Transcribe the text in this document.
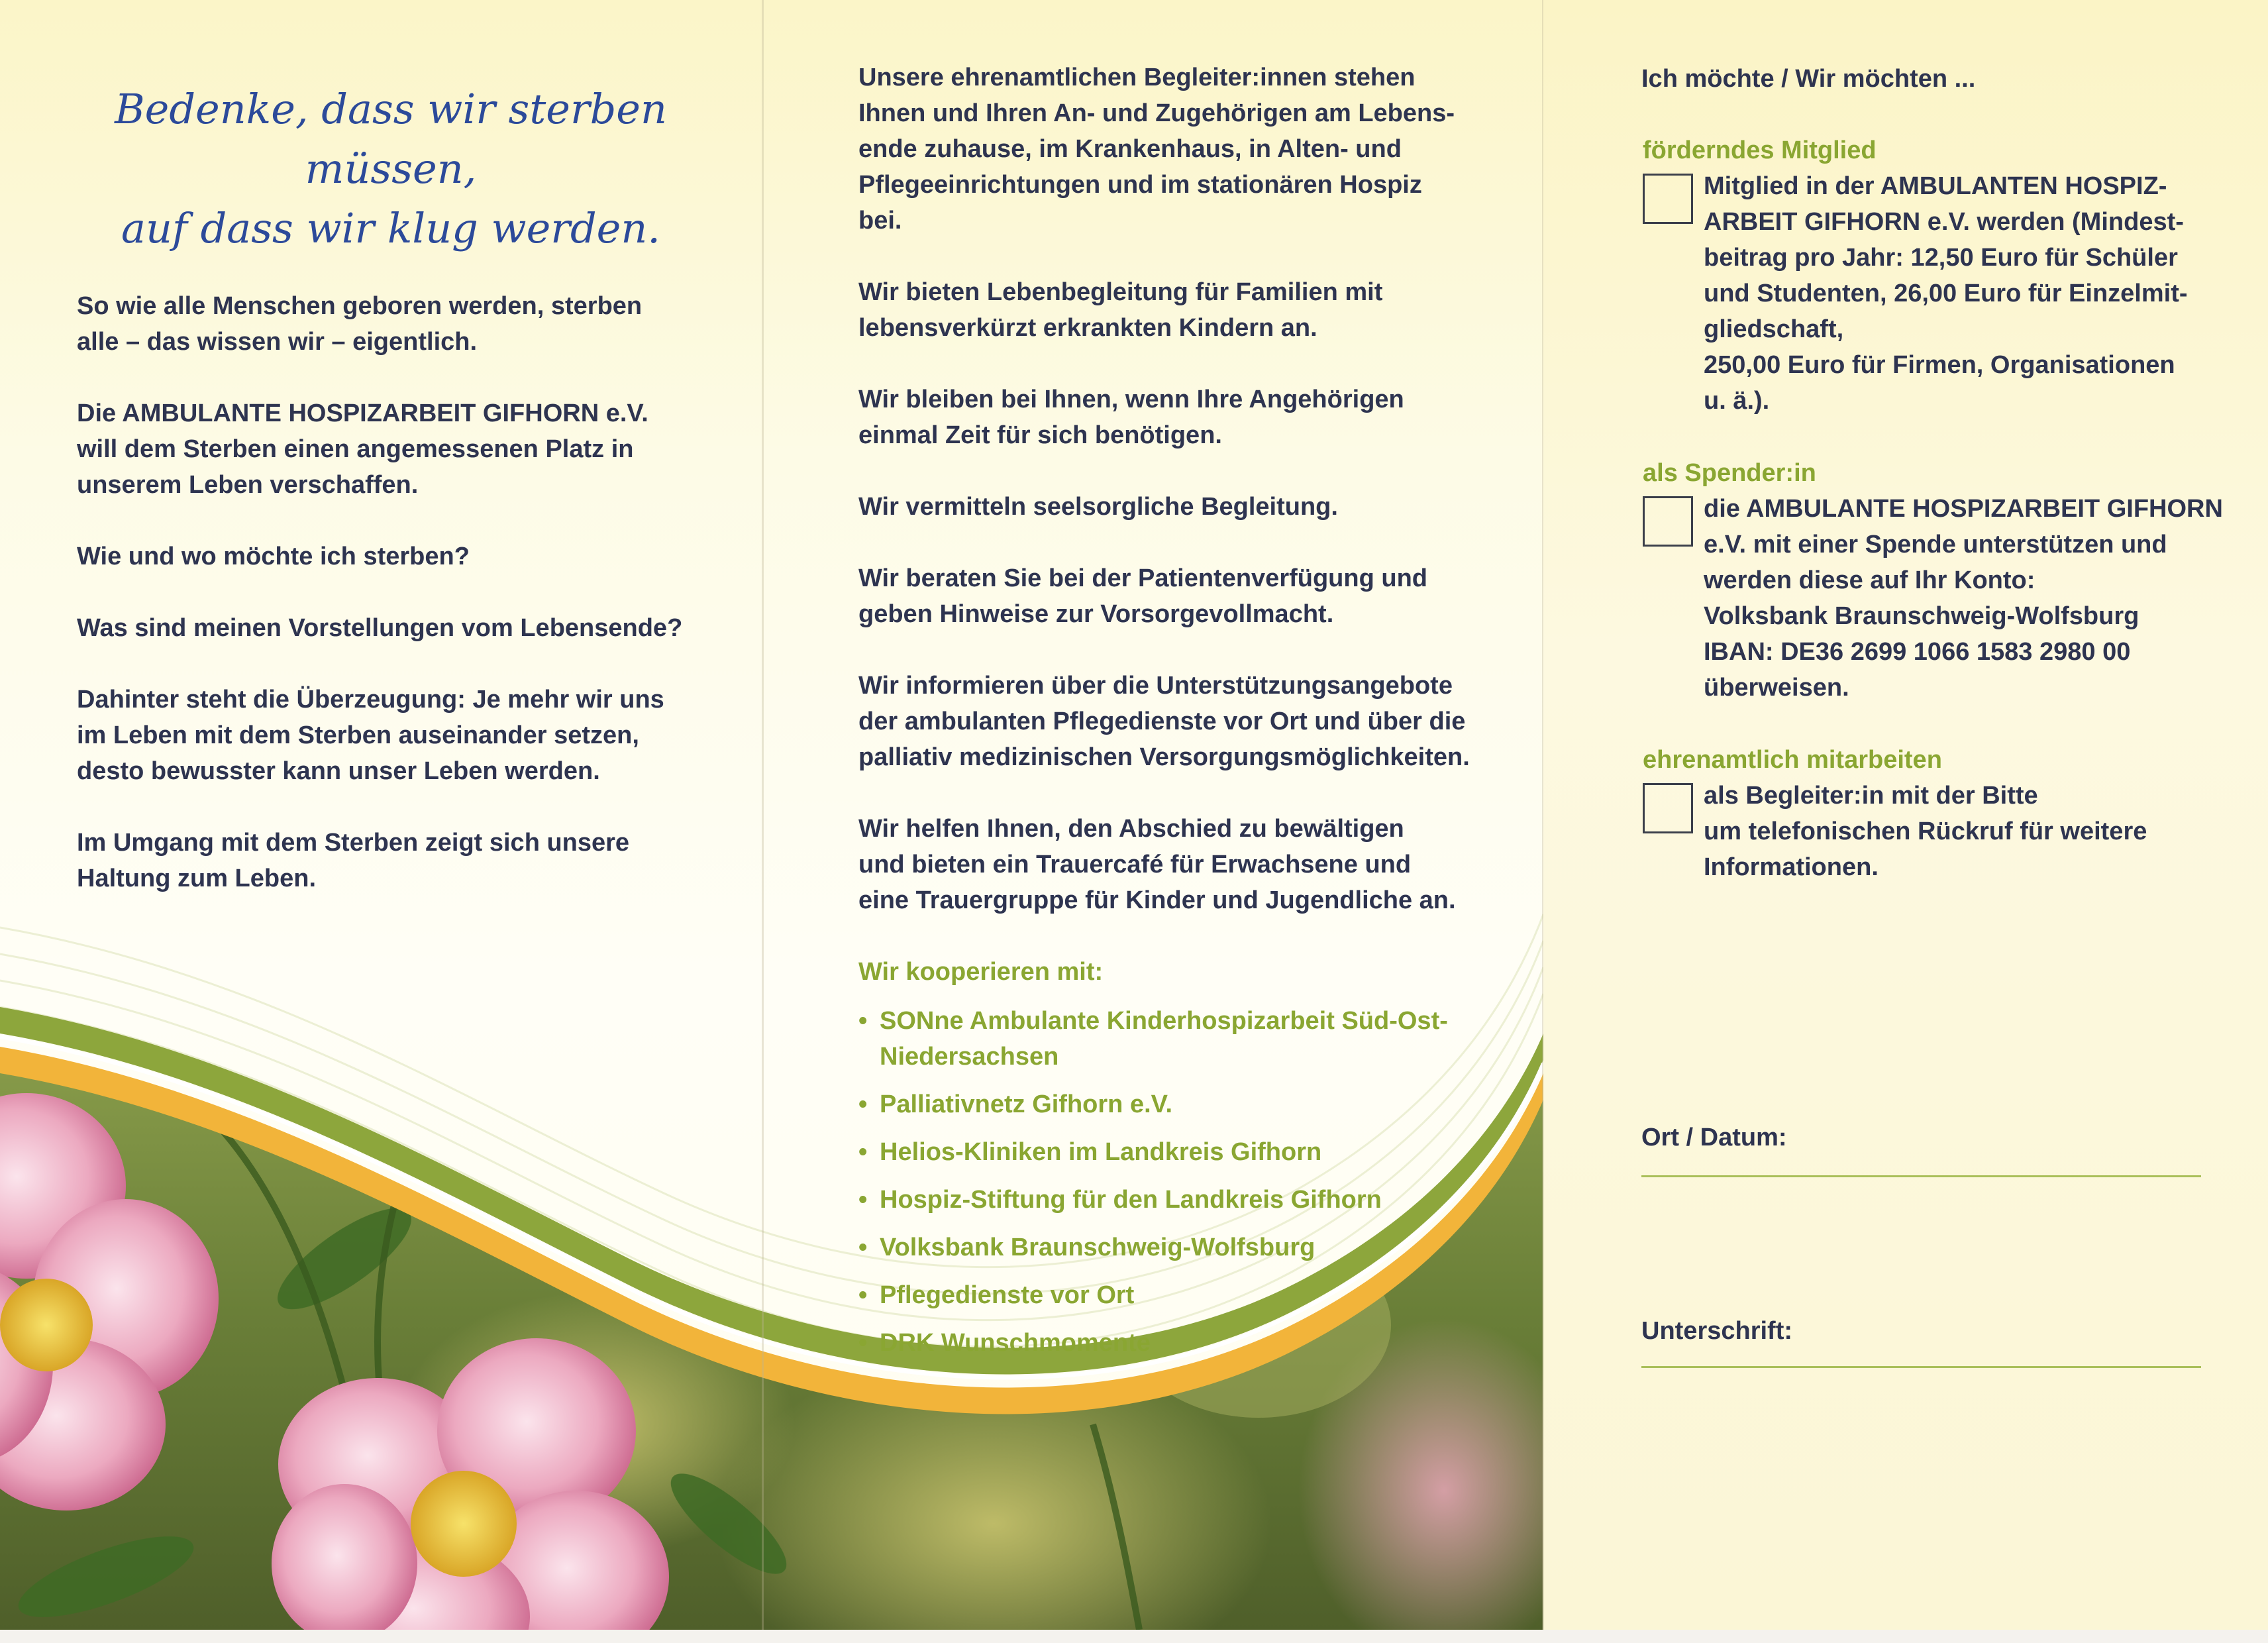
Bedenke, dass wir sterben müssen,
auf dass wir klug werden.

So wie alle Menschen geboren werden, sterben
alle – das wissen wir – eigentlich.

Die AMBULANTE HOSPIZARBEIT GIFHORN e.V.
will dem Sterben einen angemessenen Platz in
unserem Leben verschaffen.

Wie und wo möchte ich sterben?

Was sind meinen Vorstellungen vom Lebensende?

Dahinter steht die Überzeugung: Je mehr wir uns
im Leben mit dem Sterben auseinander setzen,
desto bewusster kann unser Leben werden.

Im Umgang mit dem Sterben zeigt sich unsere
Haltung zum Leben.

Unsere ehrenamtlichen Begleiter:innen stehen
Ihnen und Ihren An- und Zugehörigen am Lebens-
ende zuhause, im Krankenhaus, in Alten- und
Pflegeeinrichtungen und im stationären Hospiz
bei.

Wir bieten Lebenbegleitung für Familien mit
lebensverkürzt erkrankten Kindern an.

Wir bleiben bei Ihnen, wenn Ihre Angehörigen
einmal Zeit für sich benötigen.

Wir vermitteln seelsorgliche Begleitung.

Wir beraten Sie bei der Patientenverfügung und
geben Hinweise zur Vorsorgevollmacht.

Wir informieren über die Unterstützungsangebote
der ambulanten Pflegedienste vor Ort und über die
palliativ medizinischen Versorgungsmöglichkeiten.

Wir helfen Ihnen, den Abschied zu bewältigen
und bieten ein Trauercafé für Erwachsene und
eine Trauergruppe für Kinder und Jugendliche an.

Wir kooperieren mit:
• SONne Ambulante Kinderhospizarbeit Süd-Ost-
Niedersachsen
• Palliativnetz Gifhorn e.V.
• Helios-Kliniken im Landkreis Gifhorn
• Hospiz-Stiftung für den Landkreis Gifhorn
• Volksbank Braunschweig-Wolfsburg
• Pflegedienste vor Ort
• DRK Wunschmomente
Ich möchte / Wir möchten ...
förderndes Mitglied
Mitglied in der AMBULANTEN HOSPIZ-
ARBEIT GIFHORN e.V. werden (Mindest-
beitrag pro Jahr: 12,50 Euro für Schüler
und Studenten, 26,00 Euro für Einzelmit-
gliedschaft,
250,00 Euro für Firmen, Organisationen
u. ä.).
als Spender:in
die AMBULANTE HOSPIZARBEIT GIFHORN
e.V. mit einer Spende unterstützen und
werden diese auf Ihr Konto:
Volksbank Braunschweig-Wolfsburg
IBAN: DE36 2699 1066 1583 2980 00
überweisen.
ehrenamtlich mitarbeiten
als Begleiter:in mit der Bitte
um telefonischen Rückruf für weitere
Informationen.
Ort / Datum:
Unterschrift:
